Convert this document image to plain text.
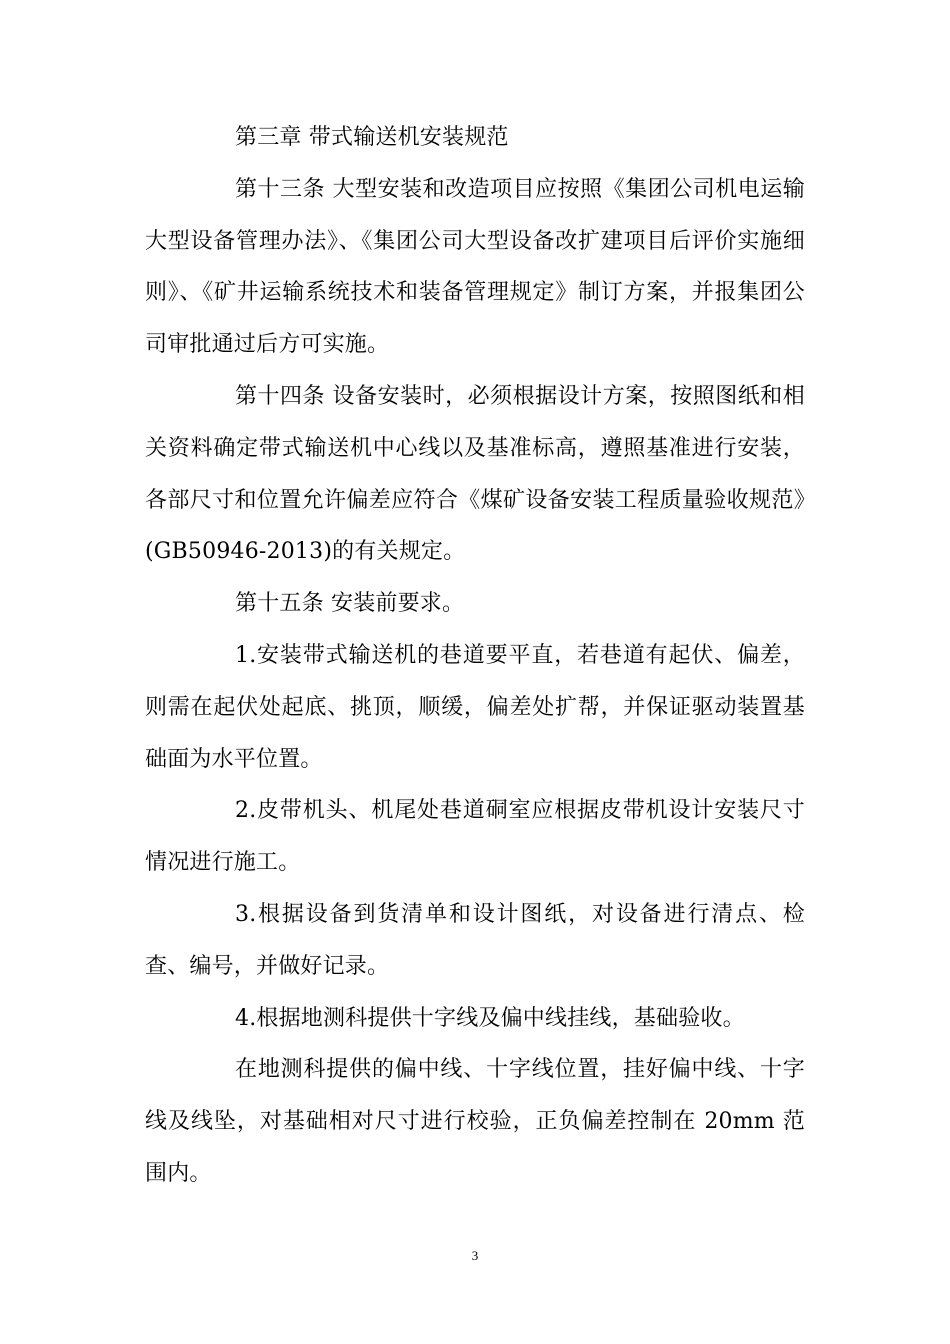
第三章 带式输送机安装规范

第十三条 大型安装和改造项目应按照《集团公司机电运输大型设备管理办法》、《集团公司大型设备改扩建项目后评价实施细则》、《矿井运输系统技术和装备管理规定》制订方案，并报集团公司审批通过后方可实施。

第十四条 设备安装时，必须根据设计方案，按照图纸和相关资料确定带式输送机中心线以及基准标高，遵照基准进行安装，各部尺寸和位置允许偏差应符合《煤矿设备安装工程质量验收规范》(GB50946-2013)的有关规定。

第十五条 安装前要求。

1.安装带式输送机的巷道要平直，若巷道有起伏、偏差，则需在起伏处起底、挑顶，顺缓，偏差处扩帮，并保证驱动装置基础面为水平位置。

2.皮带机头、机尾处巷道硐室应根据皮带机设计安装尺寸情况进行施工。

3.根据设备到货清单和设计图纸，对设备进行清点、检查、编号，并做好记录。

4.根据地测科提供十字线及偏中线挂线，基础验收。

在地测科提供的偏中线、十字线位置，挂好偏中线、十字线及线坠，对基础相对尺寸进行校验，正负偏差控制在 20mm 范围内。

3
